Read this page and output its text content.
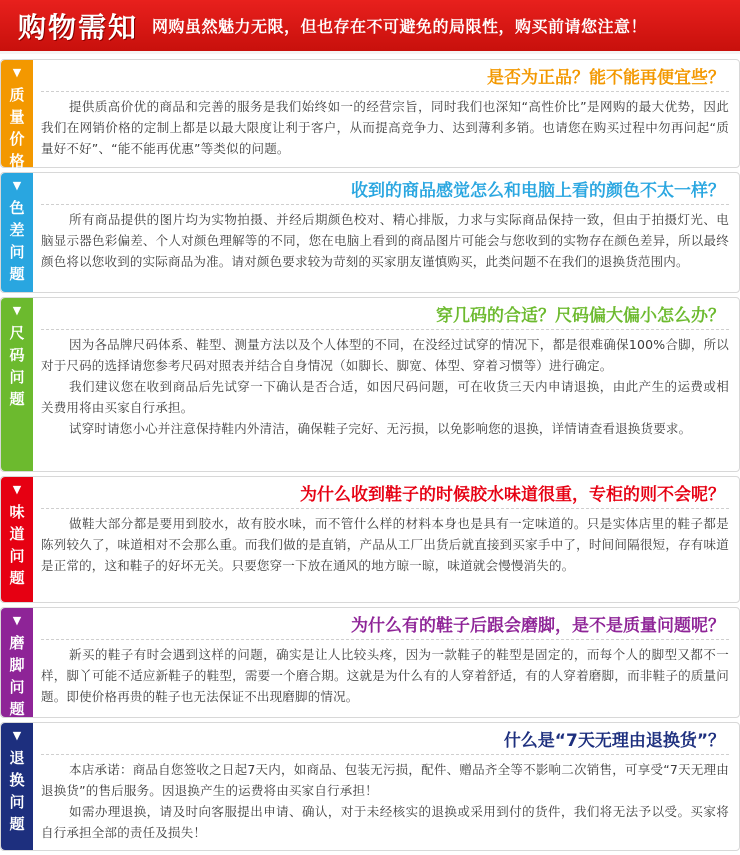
购物需知 网购虽然魅力无限，但也存在不可避免的局限性，购买前请您注意！
▼
质量价格
是否为正品？能不能再便宜些？

提供质高价优的商品和完善的服务是我们始终如一的经营宗旨，同时我们也深知“高性价比”是网购的最大优势，因此我们在网销价格的定制上都是以最大限度让利于客户，从而提高竞争力、达到薄利多销。也请您在购买过程中勿再问起“质量好不好”、“能不能再优惠”等类似的问题。

▼
色差问题
收到的商品感觉怎么和电脑上看的颜色不太一样？

所有商品提供的图片均为实物拍摄、并经后期颜色校对、精心排版，力求与实际商品保持一致，但由于拍摄灯光、电脑显示器色彩偏差、个人对颜色理解等的不同，您在电脑上看到的商品图片可能会与您收到的实物存在颜色差异，所以最终颜色将以您收到的实际商品为准。请对颜色要求较为苛刻的买家朋友谨慎购买，此类问题不在我们的退换货范围内。

▼
尺码问题
穿几码的合适？尺码偏大偏小怎么办？

因为各品牌尺码体系、鞋型、测量方法以及个人体型的不同，在没经过试穿的情况下，都是很难确保100%合脚，所以对于尺码的选择请您参考尺码对照表并结合自身情况（如脚长、脚宽、体型、穿着习惯等）进行确定。

我们建议您在收到商品后先试穿一下确认是否合适，如因尺码问题，可在收货三天内申请退换，由此产生的运费或相关费用将由买家自行承担。

试穿时请您小心并注意保持鞋内外清洁，确保鞋子完好、无污损，以免影响您的退换，详情请查看退换货要求。

▼
味道问题
为什么收到鞋子的时候胶水味道很重，专柜的则不会呢？

做鞋大部分都是要用到胶水，故有胶水味，而不管什么样的材料本身也是具有一定味道的。只是实体店里的鞋子都是陈列较久了，味道相对不会那么重。而我们做的是直销，产品从工厂出货后就直接到买家手中了，时间间隔很短，存有味道是正常的，这和鞋子的好坏无关。只要您穿一下放在通风的地方晾一晾，味道就会慢慢消失的。

▼
磨脚问题
为什么有的鞋子后跟会磨脚，是不是质量问题呢？

新买的鞋子有时会遇到这样的问题，确实是让人比较头疼，因为一款鞋子的鞋型是固定的，而每个人的脚型又都不一样，脚丫可能不适应新鞋子的鞋型，需要一个磨合期。这就是为什么有的人穿着舒适，有的人穿着磨脚，而非鞋子的质量问题。即使价格再贵的鞋子也无法保证不出现磨脚的情况。

▼
退换问题
什么是“7天无理由退换货”？

本店承诺：商品自您签收之日起7天内，如商品、包装无污损，配件、赠品齐全等不影响二次销售，可享受“7天无理由退换货”的售后服务。因退换产生的运费将由买家自行承担！

如需办理退换，请及时向客服提出申请、确认，对于未经核实的退换或采用到付的货件，我们将无法予以受。买家将自行承担全部的责任及损失！
